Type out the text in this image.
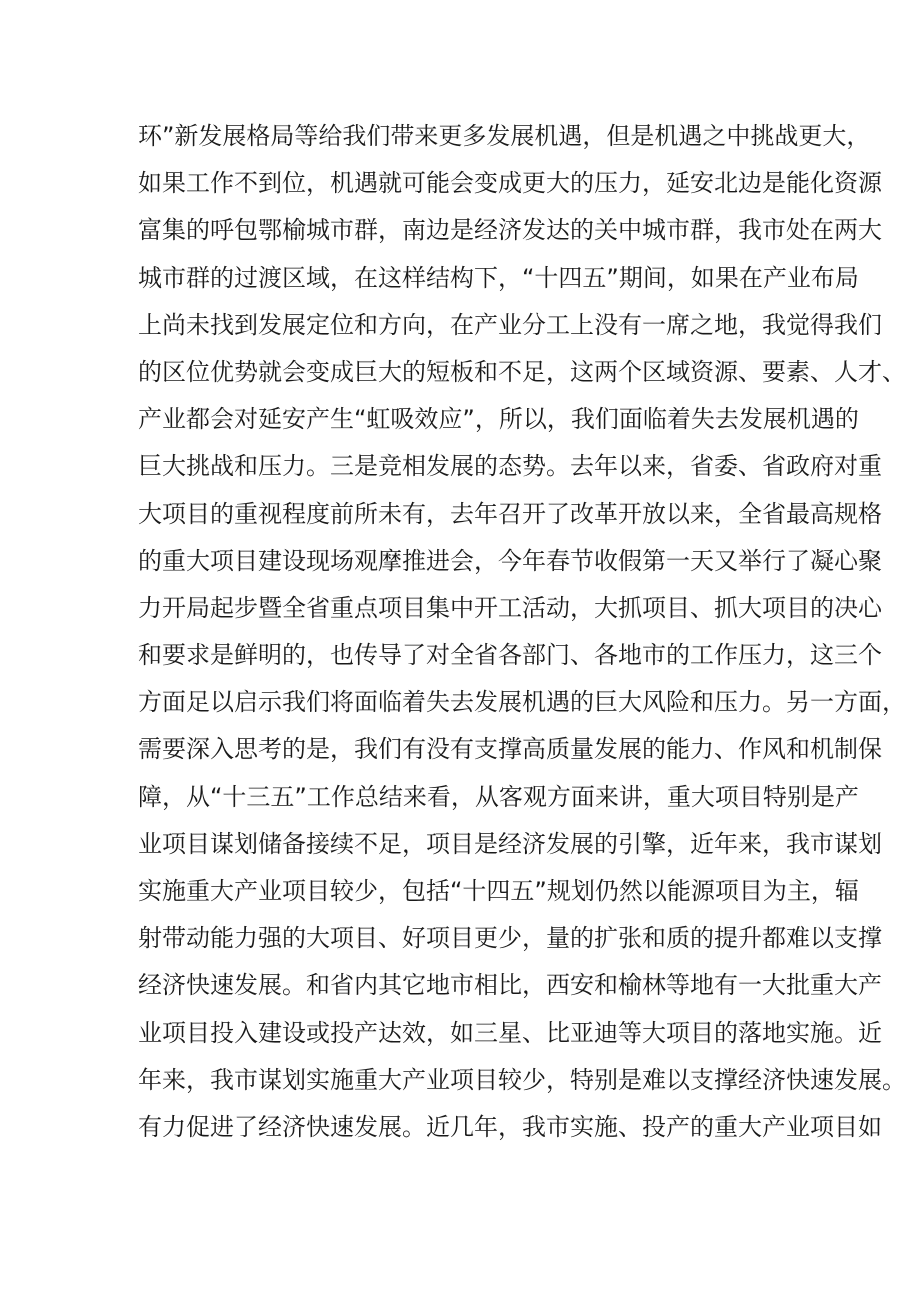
环”新发展格局等给我们带来更多发展机遇，但是机遇之中挑战更大，
如果工作不到位，机遇就可能会变成更大的压力，延安北边是能化资源
富集的呼包鄂榆城市群，南边是经济发达的关中城市群，我市处在两大
城市群的过渡区域，在这样结构下，“十四五”期间，如果在产业布局
上尚未找到发展定位和方向，在产业分工上没有一席之地，我觉得我们
的区位优势就会变成巨大的短板和不足，这两个区域资源、要素、人才、
产业都会对延安产生“虹吸效应”，所以，我们面临着失去发展机遇的
巨大挑战和压力。三是竞相发展的态势。去年以来，省委、省政府对重
大项目的重视程度前所未有，去年召开了改革开放以来，全省最高规格
的重大项目建设现场观摩推进会，今年春节收假第一天又举行了凝心聚
力开局起步暨全省重点项目集中开工活动，大抓项目、抓大项目的决心
和要求是鲜明的，也传导了对全省各部门、各地市的工作压力，这三个
方面足以启示我们将面临着失去发展机遇的巨大风险和压力。另一方面，
需要深入思考的是，我们有没有支撑高质量发展的能力、作风和机制保
障，从“十三五”工作总结来看，从客观方面来讲，重大项目特别是产
业项目谋划储备接续不足，项目是经济发展的引擎，近年来，我市谋划
实施重大产业项目较少，包括“十四五”规划仍然以能源项目为主，辐
射带动能力强的大项目、好项目更少，量的扩张和质的提升都难以支撑
经济快速发展。和省内其它地市相比，西安和榆林等地有一大批重大产
业项目投入建设或投产达效，如三星、比亚迪等大项目的落地实施。近
年来，我市谋划实施重大产业项目较少，特别是难以支撑经济快速发展。
有力促进了经济快速发展。近几年，我市实施、投产的重大产业项目如
